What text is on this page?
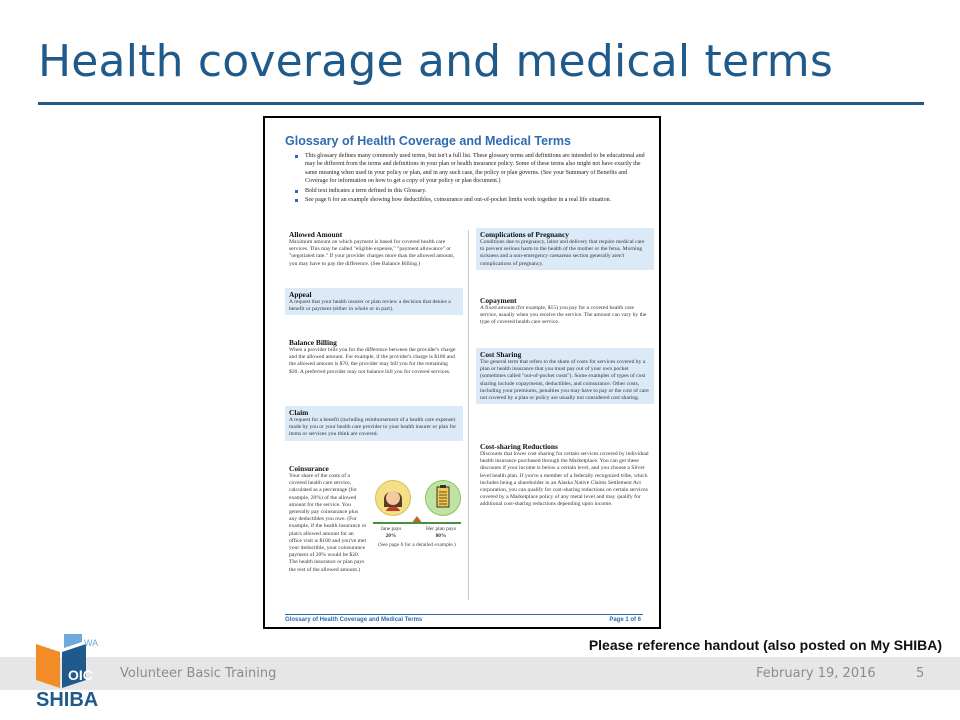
Health coverage and medical terms
Glossary of Health Coverage and Medical Terms
This glossary defines many commonly used terms, but isn't a full list. These glossary terms and definitions are intended to be educational and may be different from the terms and definitions in your plan or health insurance policy. Some of these terms also might not have exactly the same meaning when used in your policy or plan, and in any such case, the policy or plan governs. (See your Summary of Benefits and Coverage for information on how to get a copy of your policy or plan document.)
Bold text indicates a term defined in this Glossary.
See page 6 for an example showing how deductibles, coinsurance and out-of-pocket limits work together in a real life situation.
Allowed Amount
Maximum amount on which payment is based for covered health care services. This may be called "eligible expense," "payment allowance" or "negotiated rate." If your provider charges more than the allowed amount, you may have to pay the difference. (See Balance Billing.)
Appeal
A request that your health insurer or plan review a decision that denies a benefit or payment (either in whole or in part).
Balance Billing
When a provider bills you for the difference between the provider's charge and the allowed amount. For example, if the provider's charge is $100 and the allowed amount is $70, the provider may bill you for the remaining $30. A preferred provider may not balance bill you for covered services.
Claim
A request for a benefit (including reimbursement of a health care expense) made by you or your health care provider to your health insurer or plan for items or services you think are covered.
Coinsurance
Your share of the costs of a covered health care service, calculated as a percentage (for example, 20%) of the allowed amount for the service. You generally pay coinsurance plus any deductibles you owe. (For example, if the health insurance or plan's allowed amount for an office visit is $100 and you've met your deductible, your coinsurance payment of 20% would be $20. The health insurance or plan pays the rest of the allowed amount.)
Jane pays
20%
Her plan pays
80%
(See page 6 for a detailed example.)
Complications of Pregnancy
Conditions due to pregnancy, labor and delivery that require medical care to prevent serious harm to the health of the mother or the fetus. Morning sickness and a non-emergency caesarean section generally aren't complications of pregnancy.
Copayment
A fixed amount (for example, $15) you pay for a covered health care service, usually when you receive the service. The amount can vary by the type of covered health care service.
Cost Sharing
The general term that refers to the share of costs for services covered by a plan or health insurance that you must pay out of your own pocket (sometimes called "out-of-pocket costs"). Some examples of types of cost sharing include copayments, deductibles, and coinsurance. Other costs, including your premiums, penalties you may have to pay or the cost of care not covered by a plan or policy are usually not considered cost sharing.
Cost-sharing Reductions
Discounts that lower cost sharing for certain services covered by individual health insurance purchased through the Marketplace. You can get these discounts if your income is below a certain level, and you choose a Silver level health plan. If you're a member of a federally recognized tribe, which includes being a shareholder in an Alaska Native Claims Settlement Act corporation, you can qualify for cost-sharing reductions on certain services covered by a Marketplace policy of any metal level and may qualify for additional cost-sharing reductions depending upon income.
Glossary of Health Coverage and Medical Terms	Page 1 of 6
Please reference handout (also posted on My SHIBA)
Volunteer Basic Training	February 19, 2016	5
WA
OIC
SHIBA
